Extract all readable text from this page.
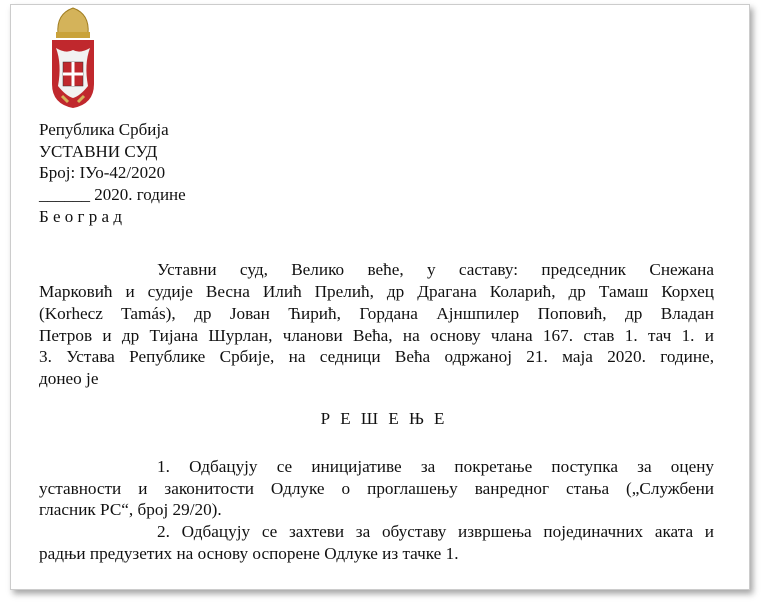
Република Србија
УСТАВНИ СУД
Број: IУо-42/2020
______ 2020. године
Б е о г р а д
Уставни суд, Велико веће, у саставу: председник Снежана
Марковић и судије Весна Илић Прелић, др Драгана Коларић, др Тамаш Корхец
(Korhecz Tamás), др Јован Ћирић, Гордана Ајншпилер Поповић, др Владан
Петров и др Тијана Шурлан, чланови Већа, на основу члана 167. став 1. тач 1. и
3. Устава Републике Србије, на седници Већа одржаној 21. маја 2020. године,
донео је
Р Е Ш Е Њ Е
1. Одбацују се иницијативе за покретање поступка за оцену
уставности и законитости Одлуке о проглашењу ванредног стања („Службени
гласник РС“, број 29/20).
2. Одбацују се захтеви за обуставу извршења појединачних аката и
радњи предузетих на основу оспорене Одлуке из тачке 1.
